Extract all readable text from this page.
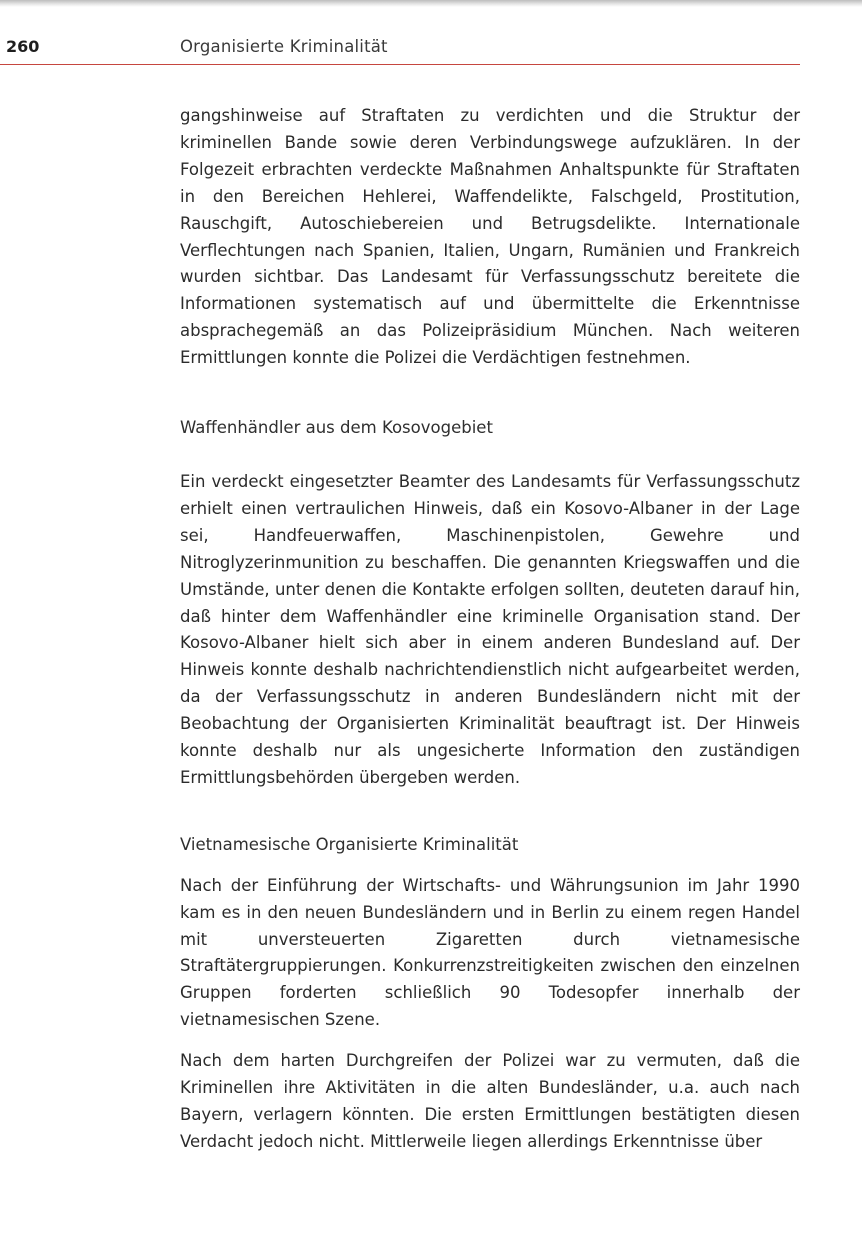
260	Organisierte Kriminalität

gangshinweise auf Straftaten zu verdichten und die Struktur der kriminellen Bande sowie deren Verbindungswege aufzuklären. In der Folgezeit erbrachten verdeckte Maßnahmen Anhaltspunkte für Straftaten in den Bereichen Hehlerei, Waffendelikte, Falschgeld, Prostitution, Rauschgift, Autoschiebereien und Betrugsdelikte. Internationale Verflechtungen nach Spanien, Italien, Ungarn, Rumänien und Frankreich wurden sichtbar. Das Landesamt für Verfassungsschutz bereitete die Informationen systematisch auf und übermittelte die Erkenntnisse absprachegemäß an das Polizeipräsidium München. Nach weiteren Ermittlungen konnte die Polizei die Verdächtigen festnehmen.

Waffenhändler aus dem Kosovogebiet

Ein verdeckt eingesetzter Beamter des Landesamts für Verfassungsschutz erhielt einen vertraulichen Hinweis, daß ein Kosovo-Albaner in der Lage sei, Handfeuerwaffen, Maschinenpistolen, Gewehre und Nitroglyzerinmunition zu beschaffen. Die genannten Kriegswaffen und die Umstände, unter denen die Kontakte erfolgen sollten, deuteten darauf hin, daß hinter dem Waffenhändler eine kriminelle Organisation stand. Der Kosovo-Albaner hielt sich aber in einem anderen Bundesland auf. Der Hinweis konnte deshalb nachrichtendienstlich nicht aufgearbeitet werden, da der Verfassungsschutz in anderen Bundesländern nicht mit der Beobachtung der Organisierten Kriminalität beauftragt ist. Der Hinweis konnte deshalb nur als ungesicherte Information den zuständigen Ermittlungsbehörden übergeben werden.

Vietnamesische Organisierte Kriminalität

Nach der Einführung der Wirtschafts- und Währungsunion im Jahr 1990 kam es in den neuen Bundesländern und in Berlin zu einem regen Handel mit unversteuerten Zigaretten durch vietnamesische Straftätergruppierungen. Konkurrenzstreitigkeiten zwischen den einzelnen Gruppen forderten schließlich 90 Todesopfer innerhalb der vietnamesischen Szene.

Nach dem harten Durchgreifen der Polizei war zu vermuten, daß die Kriminellen ihre Aktivitäten in die alten Bundesländer, u.a. auch nach Bayern, verlagern könnten. Die ersten Ermittlungen bestätigten diesen Verdacht jedoch nicht. Mittlerweile liegen allerdings Erkenntnisse über
